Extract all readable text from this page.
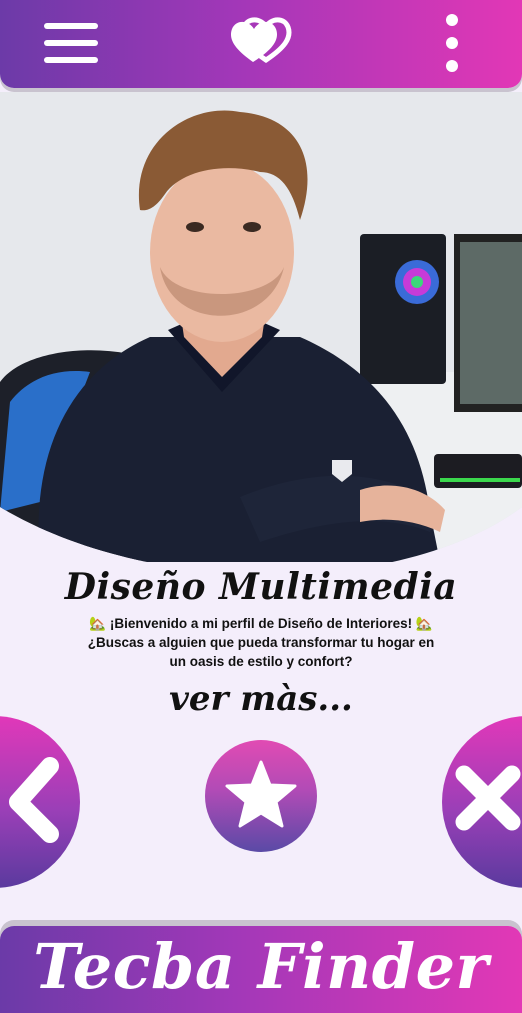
Diseño Multimedia
🏡 ¡Bienvenido a mi perfil de Diseño de Interiores! 🏡
¿Buscas a alguien que pueda transformar tu hogar en
un oasis de estilo y confort?
ver màs...
Tecba Finder
